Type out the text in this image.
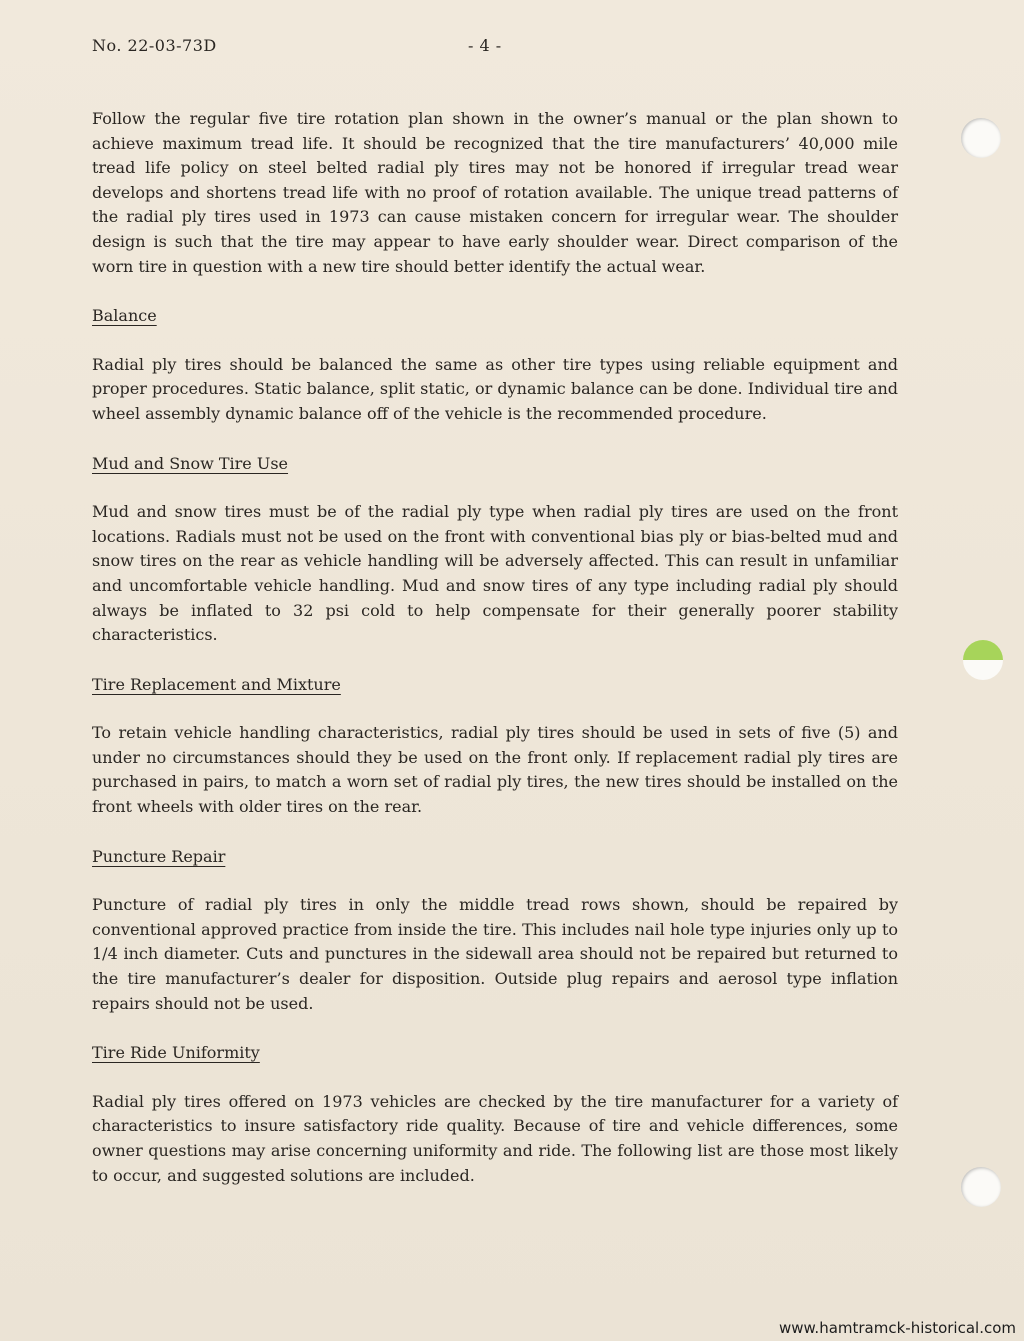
No. 22-03-73D	- 4 -

Follow the regular five tire rotation plan shown in the owner’s manual or the plan shown to achieve maximum tread life. It should be recognized that the tire manufacturers’ 40,000 mile tread life policy on steel belted radial ply tires may not be honored if irregular tread wear develops and shortens tread life with no proof of rotation available. The unique tread patterns of the radial ply tires used in 1973 can cause mistaken concern for irregular wear. The shoulder design is such that the tire may appear to have early shoulder wear. Direct comparison of the worn tire in question with a new tire should better identify the actual wear.

Balance

Radial ply tires should be balanced the same as other tire types using reliable equipment and proper procedures. Static balance, split static, or dynamic balance can be done. Individual tire and wheel assembly dynamic balance off of the vehicle is the recommended procedure.

Mud and Snow Tire Use

Mud and snow tires must be of the radial ply type when radial ply tires are used on the front locations. Radials must not be used on the front with conventional bias ply or bias-belted mud and snow tires on the rear as vehicle handling will be adversely affected. This can result in unfamiliar and uncomfortable vehicle handling. Mud and snow tires of any type including radial ply should always be inflated to 32 psi cold to help compensate for their generally poorer stability characteristics.

Tire Replacement and Mixture

To retain vehicle handling characteristics, radial ply tires should be used in sets of five (5) and under no circumstances should they be used on the front only. If replacement radial ply tires are purchased in pairs, to match a worn set of radial ply tires, the new tires should be installed on the front wheels with older tires on the rear.

Puncture Repair

Puncture of radial ply tires in only the middle tread rows shown, should be repaired by conventional approved practice from inside the tire. This includes nail hole type injuries only up to 1/4 inch diameter. Cuts and punctures in the sidewall area should not be repaired but returned to the tire manufacturer’s dealer for disposition. Outside plug repairs and aerosol type inflation repairs should not be used.

Tire Ride Uniformity

Radial ply tires offered on 1973 vehicles are checked by the tire manufacturer for a variety of characteristics to insure satisfactory ride quality. Because of tire and vehicle differences, some owner questions may arise concerning uniformity and ride. The following list are those most likely to occur, and suggested solutions are included.

www.hamtramck-historical.com
